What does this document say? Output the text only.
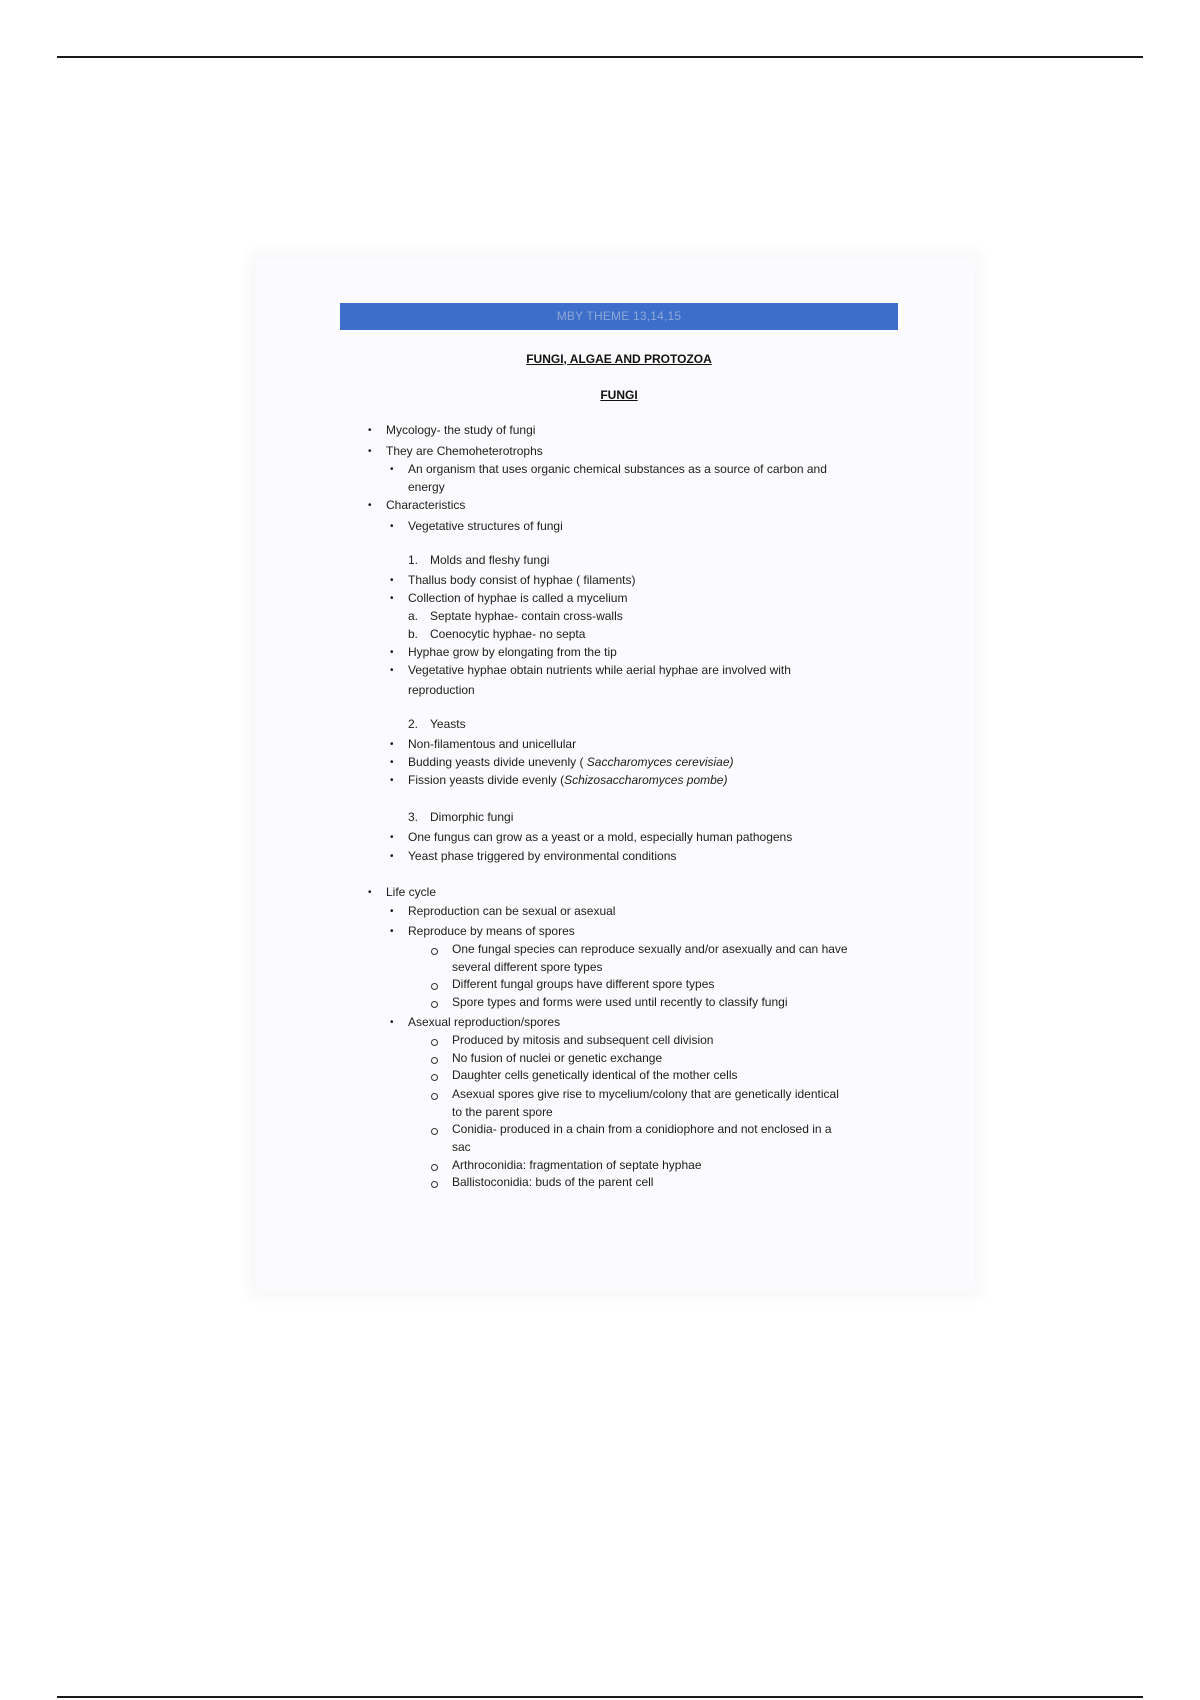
MBY THEME 13,14,15
FUNGI, ALGAE AND PROTOZOA
FUNGI
• Mycology- the study of fungi
• They are Chemoheterotrophs
• An organism that uses organic chemical substances as a source of carbon and
energy
• Characteristics
• Vegetative structures of fungi
1. Molds and fleshy fungi
• Thallus body consist of hyphae ( filaments)
• Collection of hyphae is called a mycelium
a. Septate hyphae- contain cross-walls
b. Coenocytic hyphae- no septa
• Hyphae grow by elongating from the tip
• Vegetative hyphae obtain nutrients while aerial hyphae are involved with
reproduction
2. Yeasts
• Non-filamentous and unicellular
• Budding yeasts divide unevenly ( Saccharomyces cerevisiae)
• Fission yeasts divide evenly (Schizosaccharomyces pombe)
3. Dimorphic fungi
• One fungus can grow as a yeast or a mold, especially human pathogens
• Yeast phase triggered by environmental conditions
• Life cycle
• Reproduction can be sexual or asexual
• Reproduce by means of spores
One fungal species can reproduce sexually and/or asexually and can have
several different spore types
Different fungal groups have different spore types
Spore types and forms were used until recently to classify fungi
• Asexual reproduction/spores
Produced by mitosis and subsequent cell division
No fusion of nuclei or genetic exchange
Daughter cells genetically identical of the mother cells
Asexual spores give rise to mycelium/colony that are genetically identical
to the parent spore
Conidia- produced in a chain from a conidiophore and not enclosed in a
sac
Arthroconidia: fragmentation of septate hyphae
Ballistoconidia: buds of the parent cell
